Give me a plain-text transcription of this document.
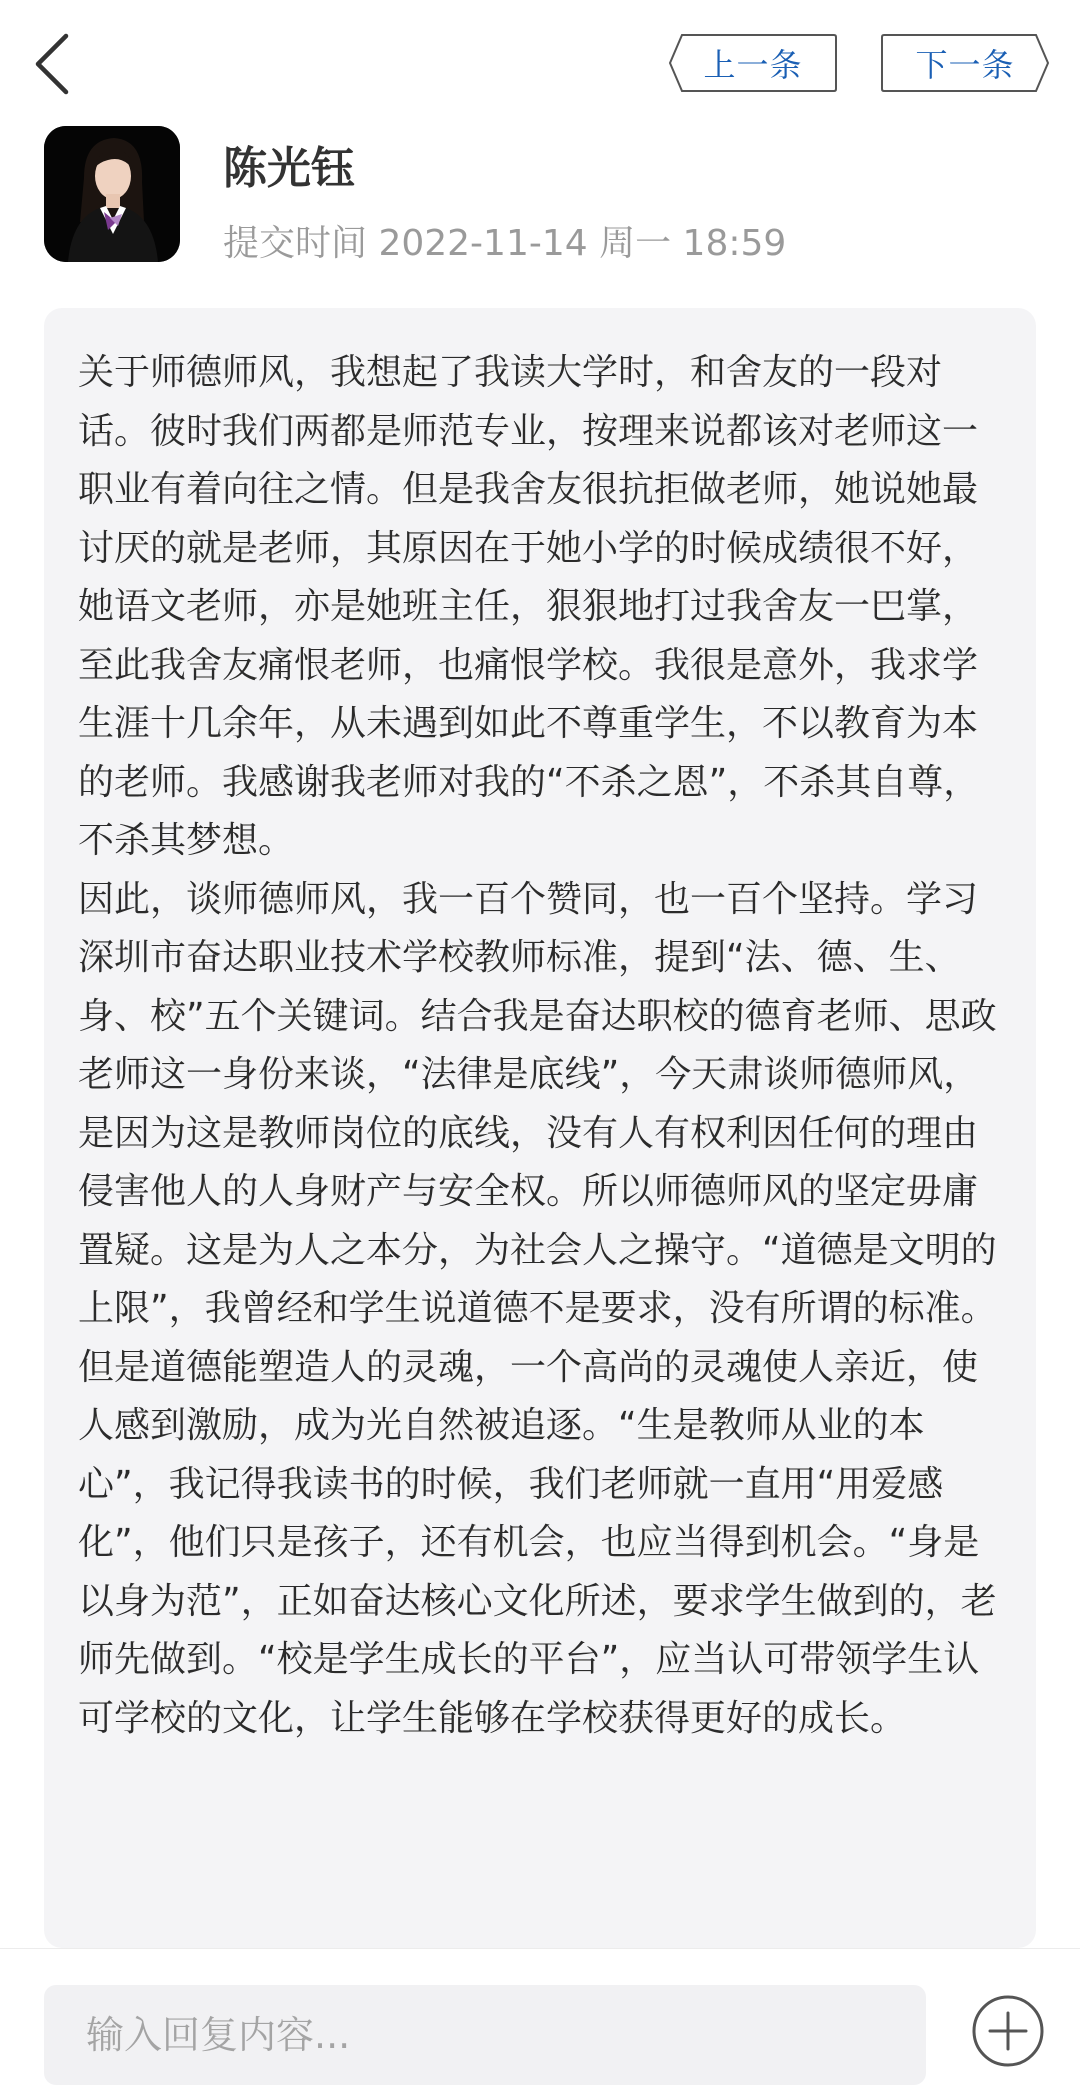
上一条	下一条
陈光钰
提交时间 2022-11-14 周一 18:59
关于师德师风，我想起了我读大学时，和舍友的一段对话。彼时我们两都是师范专业，按理来说都该对老师这一职业有着向往之情。但是我舍友很抗拒做老师，她说她最讨厌的就是老师，其原因在于她小学的时候成绩很不好，她语文老师，亦是她班主任，狠狠地打过我舍友一巴掌，至此我舍友痛恨老师，也痛恨学校。我很是意外，我求学生涯十几余年，从未遇到如此不尊重学生，不以教育为本的老师。我感谢我老师对我的“不杀之恩”，不杀其自尊，不杀其梦想。
因此，谈师德师风，我一百个赞同，也一百个坚持。学习深圳市奋达职业技术学校教师标准，提到“法、德、生、身、校”五个关键词。结合我是奋达职校的德育老师、思政老师这一身份来谈，“法律是底线”，今天肃谈师德师风，是因为这是教师岗位的底线，没有人有权利因任何的理由侵害他人的人身财产与安全权。所以师德师风的坚定毋庸置疑。这是为人之本分，为社会人之操守。“道德是文明的上限”，我曾经和学生说道德不是要求，没有所谓的标准。但是道德能塑造人的灵魂，一个高尚的灵魂使人亲近，使人感到激励，成为光自然被追逐。“生是教师从业的本心”，我记得我读书的时候，我们老师就一直用“用爱感化”，他们只是孩子，还有机会，也应当得到机会。“身是以身为范”，正如奋达核心文化所述，要求学生做到的，老师先做到。“校是学生成长的平台”，应当认可带领学生认可学校的文化，让学生能够在学校获得更好的成长。
输入回复内容...
